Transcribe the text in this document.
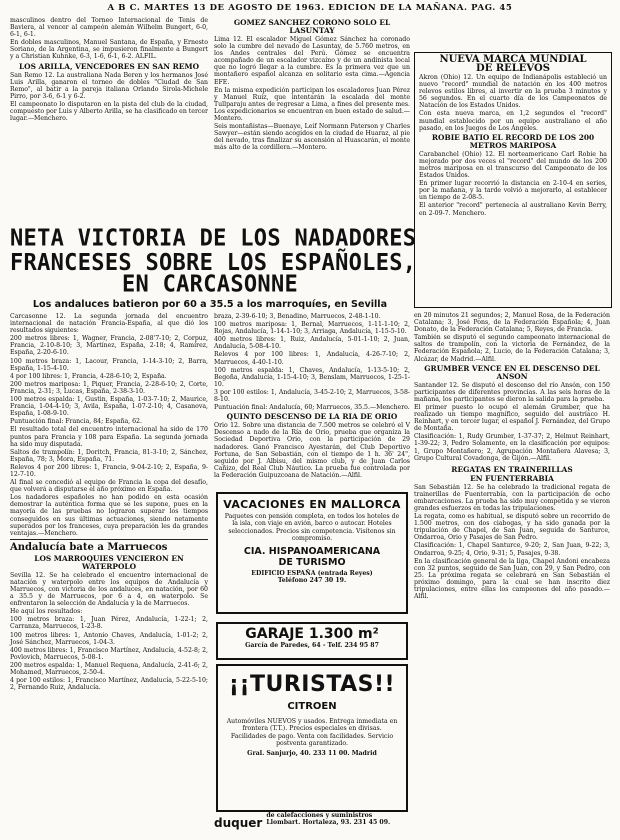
A B C. MARTES 13 DE AGOSTO DE 1963. EDICION DE LA MAÑANA. PAG. 45

masculinos dentro del Torneo Internacional de Tenis de Baviera, al vencer al campeón alemán Wilhelm Bungert, 6-0, 6-1, 6-1.

En dobles masculinos, Manuel Santana, de España, y Ernesto Soriano, de la Argentina, se impusieron finalmente a Bungert y a Christian Kuhnke, 6-3, 1-6, 6-1, 6-2. ALFIL.

LOS ARILLA, VENCEDORES EN SAN REMO

San Remo 12. La australiana Nada Beren y los hermanos José Luis Arilla, ganaron el torneo de dobles "Ciudad de San Remo", al batir a la pareja italiana Orlando Sirola-Michele Pirro, por 3-6, 6-1 y 6-2.

El campeonato lo disputaron en la pista del club de la ciudad, compuesto por Luis y Alberto Arilla, se ha clasificado en tercer lugar.—Menchero.

GOMEZ SANCHEZ CORONO SOLO EL LASUNTAY

Lima 12. El escalador Miguel Gómez Sánchez ha coronado solo la cumbre del nevado de Lasuntay, de 5.760 metros, en los Andes centrales del Perú. Gómez se encuentra acompañado de un escalador vizcaíno y de un andinista local que no logró llegar a la cumbre. Es la primera vez que un montañero español alcanza en solitario esta cima.—Agencia EFE.

En la misma expedición participan los escaladores Juan Pérez y Manuel Ruiz, que intentarán la escalada del monte Tullparaju antes de regresar a Lima, a fines del presente mes. Los expedicionarios se encuentran en buen estado de salud.—Montero.

Seis montañistas—Buenaye, Leif Normann Paterson y Charles Sawyer—están siendo acogidos en la ciudad de Huaraz, al pie del nevado, tras finalizar su ascensión al Huascarán, el monte más alto de la cordillera.—Montero.

NETA VICTORIA DE LOS NADADORES
FRANCESES SOBRE LOS ESPAÑOLES,
EN CARCASONNE
Los andaluces batieron por 60 a 35.5 a los marroquíes, en Sevilla

Carcasonne 12. La segunda jornada del encuentro internacional de natación Francia-España, al que dió los resultados siguientes:

200 metros libres: 1, Wagner, Francia, 2-08'7-10; 2, Corpuz, Francia, 2-10-8-10; 3, Martínez, España, 2-18; 4, Ramírez, España, 2-20-6-10.

100 metros braza: 1, Lacour, Francia, 1-14-3-10; 2, Barra, España, 1-15-4-10.

4 por 100 libres: 1, Francia, 4-28-6-10; 2, España.

200 metros mariposa: 1, Piquer, Francia, 2-28-6-10; 2, Corte, Francia, 2-31; 3, Lucas, España, 2-38-3-10.

100 metros espalda: 1, Gustin, España, 1-03-7-10; 2, Maurice, Francia, 1-04-4-10; 3, Avila, España, 1-07-2-10; 4, Casanova, España, 1-08-9-10.

Puntuación final: Francia, 84; España, 62.

El resultado total del encuentro internacional ha sido de 170 puntos para Francia y 108 para España. La segunda jornada ha sido muy disputada.

Saltos de trampolín: 1, Doritch, Francia, 81-3-10; 2, Sánchez, España, 78; 3, Mora, España, 71.

Relevos 4 por 200 libres: 1, Francia, 9-04-2-10; 2, España, 9-12-7-10.

Al final se concedió al equipo de Francia la copa del desafío, que volverá a disputarse el año próximo en España.

Los nadadores españoles no han podido en esta ocasión demostrar la auténtica forma que se les supone, pues en la mayoría de las pruebas no lograron superar los tiempos conseguidos en sus últimas actuaciones, siendo netamente superados por los franceses, cuya preparación les da grandes ventajas.—Menchero.

Andalucía bate a Marruecos
LOS MARROQUIES VENCIERON EN WATERPOLO

Sevilla 12. Se ha celebrado el encuentro internacional de natación y waterpolo entre los equipos de Andalucía y Marruecos, con victoria de los andaluces, en natación, por 60 a 35.5 y de Marruecos, por 6 a 4, en waterpolo. Se enfrentaron la selección de Andalucía y la de Marruecos.

He aquí los resultados:

100 metros braza: 1, Juan Pérez, Andalucía, 1-22-1; 2, Carranza, Marruecos, 1-23-8.

100 metros libres: 1, Antonio Chaves, Andalucía, 1-01-2; 2, José Sánchez, Marruecos, 1-04-3.

400 metros libres: 1, Francisco Martínez, Andalucía, 4-52-8; 2, Povlovich, Marruecos, 5-08-1.

200 metros espalda: 1, Manuel Requena, Andalucía, 2-41-6; 2, Mohamed, Marruecos, 2-50-4.

4 por 100 estilos: 1, Francisco Martínez, Andalucía, 5-22-5-10; 2, Fernando Ruiz, Andalucía.

braza, 2-39-6-10; 3, Benadino, Marruecos, 2-48-1-10.

100 metros mariposa: 1, Bernal, Marruecos, 1-11-1-10; 2, Rojas, Andalucía, 1-14-1-10; 3, Arriaga, Andalucía, 1-15-5-10.

400 metros libres: 1, Ruiz, Andalucía, 5-01-1-10; 2, Juan, Andalucía, 5-08-4-10.

Relevos 4 por 100 libres: 1, Andalucía, 4-26-7-10; 2, Marruecos, 4-40-1-10.

100 metros espalda: 1, Chaves, Andalucía, 1-13-5-10; 2, Begoña, Andalucía, 1-15-4-10; 3, Benslam, Marruecos, 1-25-1-10.

3 por 100 estilos: 1, Andalucía, 3-45-2-10; 2, Marruecos, 3-58-8-10.

Puntuación final: Andalucía, 60; Marruecos, 35.5.—Menchero.

QUINTO DESCENSO DE LA RIA DE ORIO

Orio 12. Sobre una distancia de 7.500 metros se celebró el V Descenso a nado de la Ría de Orio, prueba que organiza la Sociedad Deportiva Orio, con la participación de 29 nadadores. Ganó Francisco Ayestarán, del Club Deportivo Fortuna, de San Sebastián, con el tiempo de 1 h. 36' 24", seguido por J. Albisu, del mismo club, y de Juan Carlos Cañizo, del Real Club Náutico. La prueba fue controlada por la Federación Guipuzcoana de Natación.—Alfil.

VACACIONES EN MALLORCA
Paquetes con pensión completa, en todos los hoteles de la isla, con viaje en avión, barco o autocar. Hoteles seleccionados. Precios sin competencia. Visítenos sin compromiso.
CIA. HISPANOAMERICANA
DE TURISMO
EDIFICIO ESPAÑA (entrada Reyes)
Teléfono 247 30 19.
GARAJE 1.300 m²
García de Paredes, 64 - Telf. 234 95 87
¡¡TURISTAS!!
CITROEN
Automóviles NUEVOS y usados. Entrega inmediata en frontera (T.T.). Precios especiales en divisas. Facilidades de pago. Venta con facilidades. Servicio postventa garantizado.
Gral. Sanjurjo, 40. 233 11 00. Madrid
duquer
de calefacciones y suministros
Llombart. Hortaleza, 93. 231 45 09.
NUEVA MARCA MUNDIAL
DE RELEVOS

Akron (Ohio) 12. Un equipo de Indianápolis estableció un nuevo "record" mundial de natación en los 400 metros relevos estilos libres, al invertir en la prueba 3 minutos y 56 segundos. En el cuarto día de los Campeonatos de Natación de los Estados Unidos.

Con esta nueva marca, en 1,2 segundos el "record" mundial establecido por un equipo australiano el año pasado, en los Juegos de Los Ángeles.

ROBIE BATIO EL RECORD DE LOS 200 METROS MARIPOSA

Carabanchel (Ohio) 12. El norteamericano Carl Robie ha mejorado por dos veces el "record" del mundo de los 200 metros mariposa en el transcurso del Campeonato de los Estados Unidos.

En primer lugar recorrió la distancia en 2-10-4 en series, por la mañana, y la tarde volvió a mejorarlo, al establecer un tiempo de 2-08-5.

El anterior "record" pertenecía al australiano Kevin Berry, en 2-09-7. Menchero.

en 20 minutos 21 segundos; 2, Manuel Rosa, de la Federación Catalana; 3, José Pons, de la Federación Española; 4, Juan Donato, de la Federación Catalana; 5, Reyes, de Francia.

También se disputó el segundo campeonato internacional de saltos de trampolín, con la victoria de Fernández, de la Federación Española; 2, Lucio, de la Federación Catalana; 3, Alcázar, de Madrid.—Alfil.

GRUMBER VENCE EN EL DESCENSO DEL ANSON

Santander 12. Se disputó el descenso del río Ansón, con 150 participantes de diferentes provincias. A las seis horas de la mañana, los participantes se dieron la salida para la prueba.

El primer puesto lo ocupó el alemán Grumber, que ha realizado un tiempo magnífico, seguido del austríaco H. Reinhart, y en tercer lugar, el español J. Fernández, del Grupo de Montaña.

Clasificación: 1, Rudy Grumber, 1-37-37; 2, Helmut Reinhart, 1-39-22; 3, Pedro Solamente, en la clasificación por equipos: 1, Grupo Montañero; 2, Agrupación Montañera Alavesa; 3, Grupo Cultural Covadonga, de Gijón.—Alfil.

REGATAS EN TRAINERILLAS
EN FUENTERRABIA

San Sebastián 12. Se ha celebrado la tradicional regata de trainerillas de Fuenterrabía, con la participación de ocho embarcaciones. La prueba ha sido muy competida y se vieron grandes esfuerzos en todas las tripulaciones.

La regata, como es habitual, se disputó sobre un recorrido de 1.500 metros, con dos ciabogas, y ha sido ganada por la tripulación de Chapel, de San Juan, seguida de Santurce, Ondarroa, Orio y Pasajes de San Pedro.

Clasificación: 1, Chapel Santurce, 9-20; 2, San Juan, 9-22; 3, Ondarroa, 9-25; 4, Orio, 9-31; 5, Pasajes, 9-38.

En la clasificación general de la liga, Chapel Andoni encabeza con 32 puntos, seguido de San Juan, con 29, y San Pedro, con 25. La próxima regata se celebrará en San Sebastián el próximo domingo, para la cual se han inscrito diez tripulaciones, entre ellas los campeones del año pasado.—Alfil.
